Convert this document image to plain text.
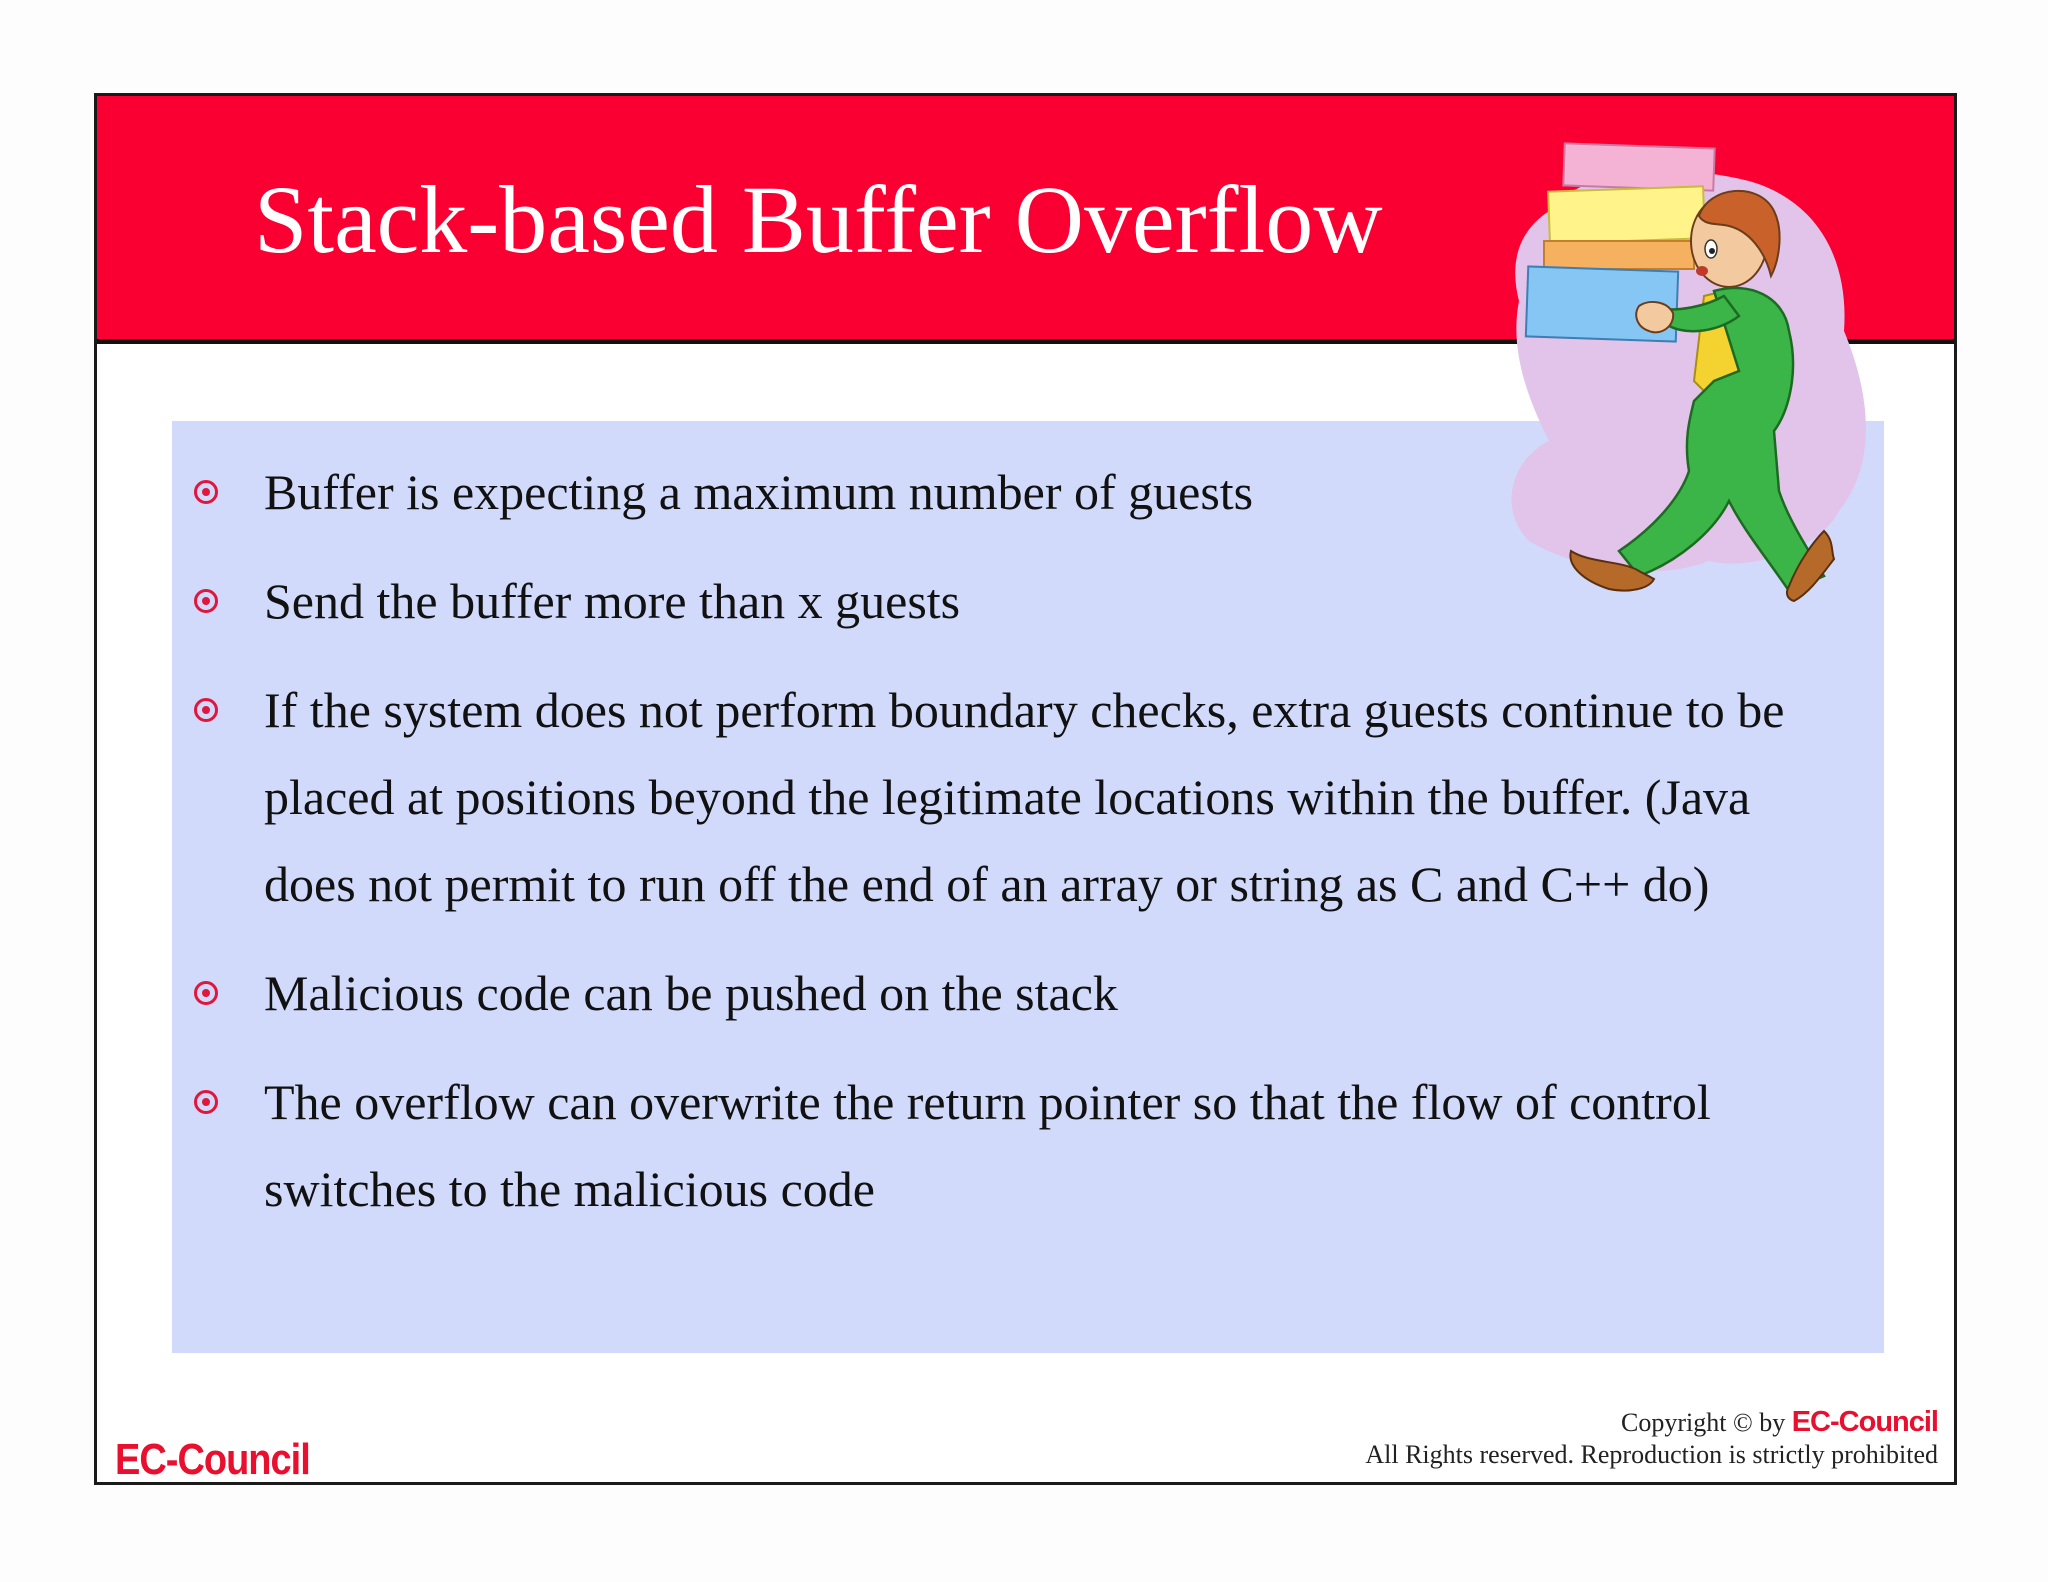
Stack-based Buffer Overflow
Buffer is expecting a maximum number of guests
Send the buffer more than x guests
If the system does not perform boundary checks, extra guests continue to be placed at positions beyond the legitimate locations within the buffer. (Java does not permit to run off the end of an array or string as C and C++ do)
Malicious code can be pushed on the stack
The overflow can overwrite the return pointer so that the flow of control switches to the malicious code
EC-Council
Copyright © by EC-Council
All Rights reserved. Reproduction is strictly prohibited
